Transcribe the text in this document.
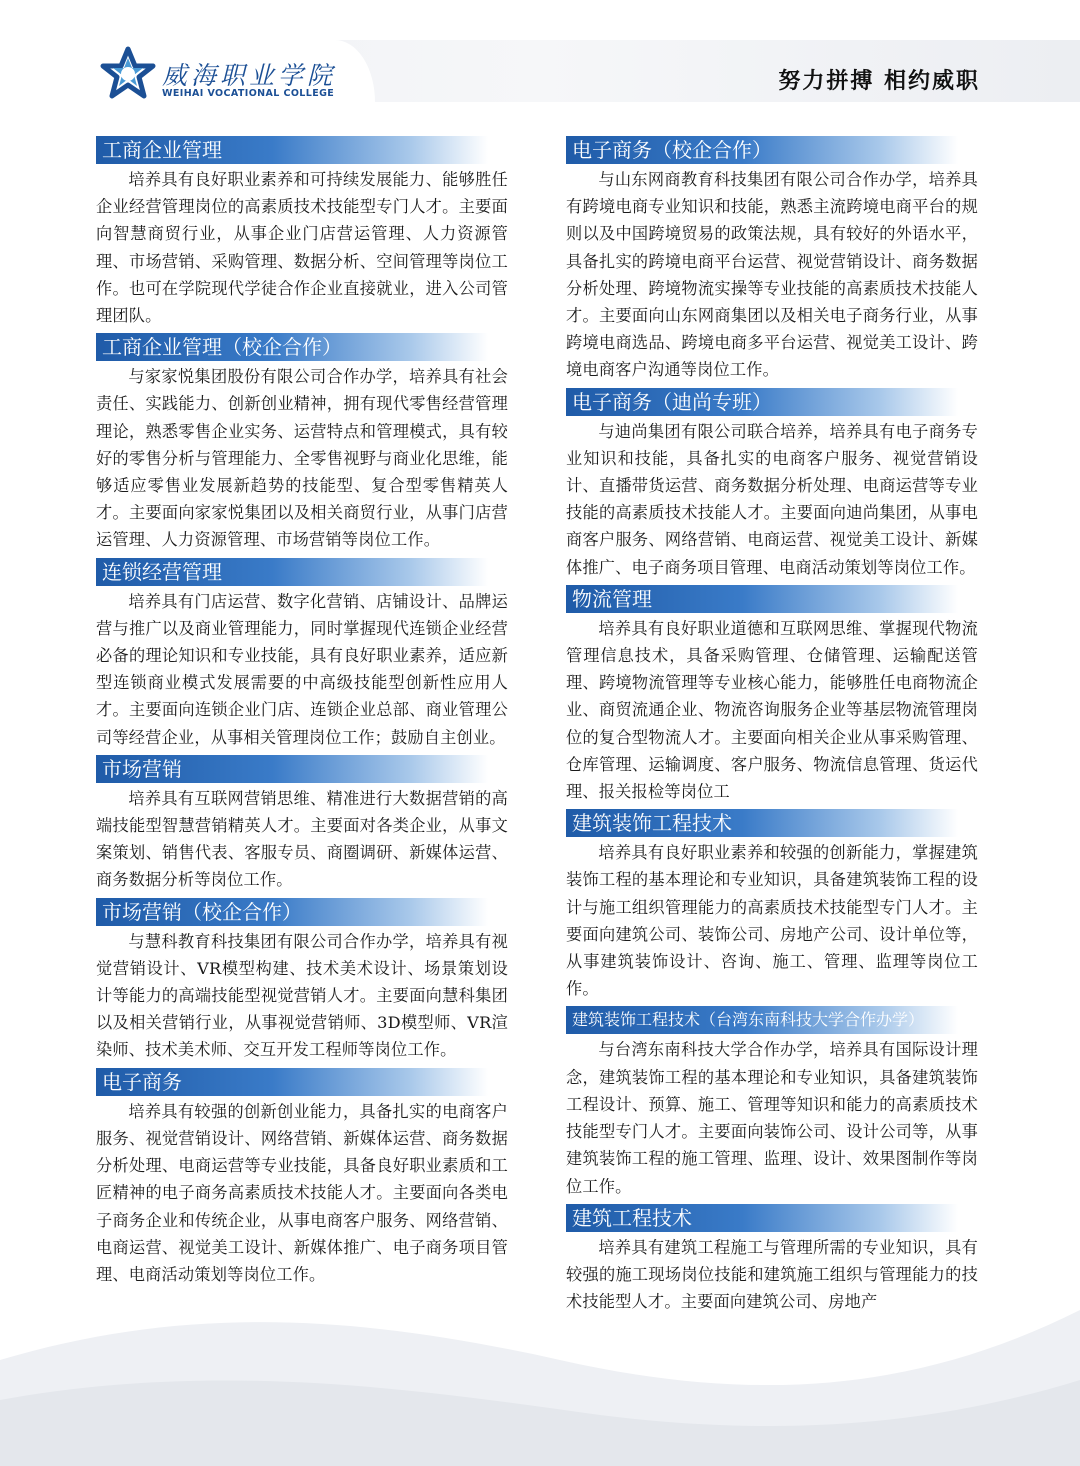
威海职业学院
WEIHAI VOCATIONAL COLLEGE	努力拼搏 相约威职
工商企业管理

培养具有良好职业素养和可持续发展能力、能够胜任企业经营管理岗位的高素质技术技能型专门人才。主要面向智慧商贸行业，从事企业门店营运管理、人力资源管理、市场营销、采购管理、数据分析、空间管理等岗位工作。也可在学院现代学徒合作企业直接就业，进入公司管理团队。

工商企业管理（校企合作）

与家家悦集团股份有限公司合作办学，培养具有社会责任、实践能力、创新创业精神，拥有现代零售经营管理理论，熟悉零售企业实务、运营特点和管理模式，具有较好的零售分析与管理能力、全零售视野与商业化思维，能够适应零售业发展新趋势的技能型、复合型零售精英人才。主要面向家家悦集团以及相关商贸行业，从事门店营运管理、人力资源管理、市场营销等岗位工作。

连锁经营管理

培养具有门店运营、数字化营销、店铺设计、品牌运营与推广以及商业管理能力，同时掌握现代连锁企业经营必备的理论知识和专业技能，具有良好职业素养，适应新型连锁商业模式发展需要的中高级技能型创新性应用人才。主要面向连锁企业门店、连锁企业总部、商业管理公司等经营企业，从事相关管理岗位工作；鼓励自主创业。

市场营销

培养具有互联网营销思维、精准进行大数据营销的高端技能型智慧营销精英人才。主要面对各类企业，从事文案策划、销售代表、客服专员、商圈调研、新媒体运营、商务数据分析等岗位工作。

市场营销（校企合作）

与慧科教育科技集团有限公司合作办学，培养具有视觉营销设计、VR模型构建、技术美术设计、场景策划设计等能力的高端技能型视觉营销人才。主要面向慧科集团以及相关营销行业，从事视觉营销师、3D模型师、VR渲染师、技术美术师、交互开发工程师等岗位工作。

电子商务

培养具有较强的创新创业能力，具备扎实的电商客户服务、视觉营销设计、网络营销、新媒体运营、商务数据分析处理、电商运营等专业技能，具备良好职业素质和工匠精神的电子商务高素质技术技能人才。主要面向各类电子商务企业和传统企业，从事电商客户服务、网络营销、电商运营、视觉美工设计、新媒体推广、电子商务项目管理、电商活动策划等岗位工作。

电子商务（校企合作）

与山东网商教育科技集团有限公司合作办学，培养具有跨境电商专业知识和技能，熟悉主流跨境电商平台的规则以及中国跨境贸易的政策法规，具有较好的外语水平，具备扎实的跨境电商平台运营、视觉营销设计、商务数据分析处理、跨境物流实操等专业技能的高素质技术技能人才。主要面向山东网商集团以及相关电子商务行业，从事跨境电商选品、跨境电商多平台运营、视觉美工设计、跨境电商客户沟通等岗位工作。

电子商务（迪尚专班）

与迪尚集团有限公司联合培养，培养具有电子商务专业知识和技能，具备扎实的电商客户服务、视觉营销设计、直播带货运营、商务数据分析处理、电商运营等专业技能的高素质技术技能人才。主要面向迪尚集团，从事电商客户服务、网络营销、电商运营、视觉美工设计、新媒体推广、电子商务项目管理、电商活动策划等岗位工作。

物流管理

培养具有良好职业道德和互联网思维、掌握现代物流管理信息技术，具备采购管理、仓储管理、运输配送管理、跨境物流管理等专业核心能力，能够胜任电商物流企业、商贸流通企业、物流咨询服务企业等基层物流管理岗位的复合型物流人才。主要面向相关企业从事采购管理、仓库管理、运输调度、客户服务、物流信息管理、货运代理、报关报检等岗位工

建筑装饰工程技术

培养具有良好职业素养和较强的创新能力，掌握建筑装饰工程的基本理论和专业知识，具备建筑装饰工程的设计与施工组织管理能力的高素质技术技能型专门人才。主要面向建筑公司、装饰公司、房地产公司、设计单位等，从事建筑装饰设计、咨询、施工、管理、监理等岗位工作。

建筑装饰工程技术（台湾东南科技大学合作办学）

与台湾东南科技大学合作办学，培养具有国际设计理念，建筑装饰工程的基本理论和专业知识，具备建筑装饰工程设计、预算、施工、管理等知识和能力的高素质技术技能型专门人才。主要面向装饰公司、设计公司等，从事建筑装饰工程的施工管理、监理、设计、效果图制作等岗位工作。

建筑工程技术

培养具有建筑工程施工与管理所需的专业知识，具有较强的施工现场岗位技能和建筑施工组织与管理能力的技术技能型人才。主要面向建筑公司、房地产
